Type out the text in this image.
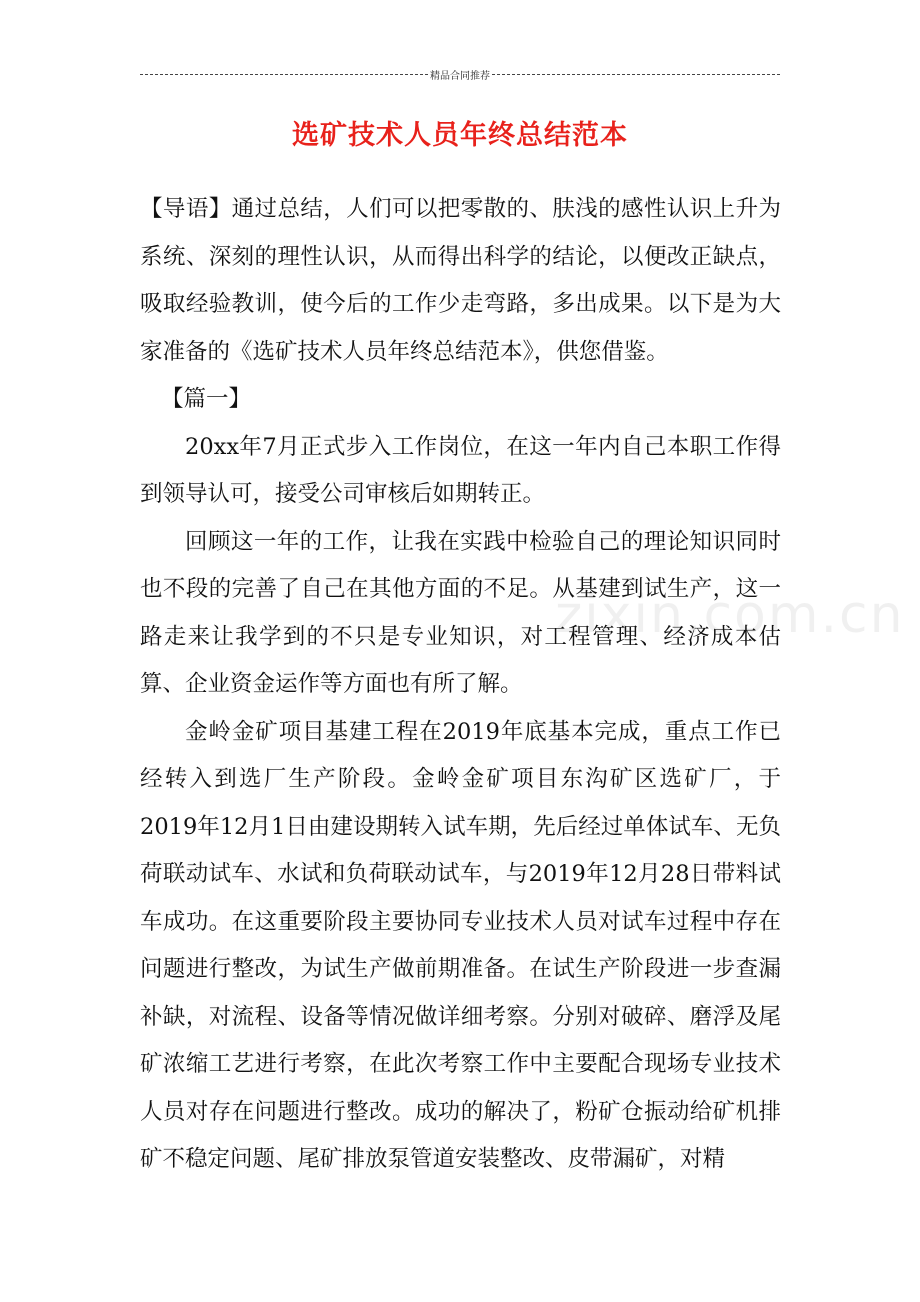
精品合同推荐
选矿技术人员年终总结范本

【导语】通过总结，人们可以把零散的、肤浅的感性认识上升为系统、深刻的理性认识，从而得出科学的结论，以便改正缺点，吸取经验教训，使今后的工作少走弯路，多出成果。以下是为大家准备的《选矿技术人员年终总结范本》，供您借鉴。

【篇一】

20xx年7月正式步入工作岗位，在这一年内自己本职工作得到领导认可，接受公司审核后如期转正。

回顾这一年的工作，让我在实践中检验自己的理论知识同时也不段的完善了自己在其他方面的不足。从基建到试生产，这一路走来让我学到的不只是专业知识，对工程管理、经济成本估算、企业资金运作等方面也有所了解。

金岭金矿项目基建工程在2019年底基本完成，重点工作已经转入到选厂生产阶段。金岭金矿项目东沟矿区选矿厂，于2019年12月1日由建设期转入试车期，先后经过单体试车、无负荷联动试车、水试和负荷联动试车，与2019年12月28日带料试车成功。在这重要阶段主要协同专业技术人员对试车过程中存在问题进行整改，为试生产做前期准备。在试生产阶段进一步查漏补缺，对流程、设备等情况做详细考察。分别对破碎、磨浮及尾矿浓缩工艺进行考察，在此次考察工作中主要配合现场专业技术人员对存在问题进行整改。成功的解决了，粉矿仓振动给矿机排矿不稳定问题、尾矿排放泵管道安装整改、皮带漏矿，对精

zixin.com.cn
